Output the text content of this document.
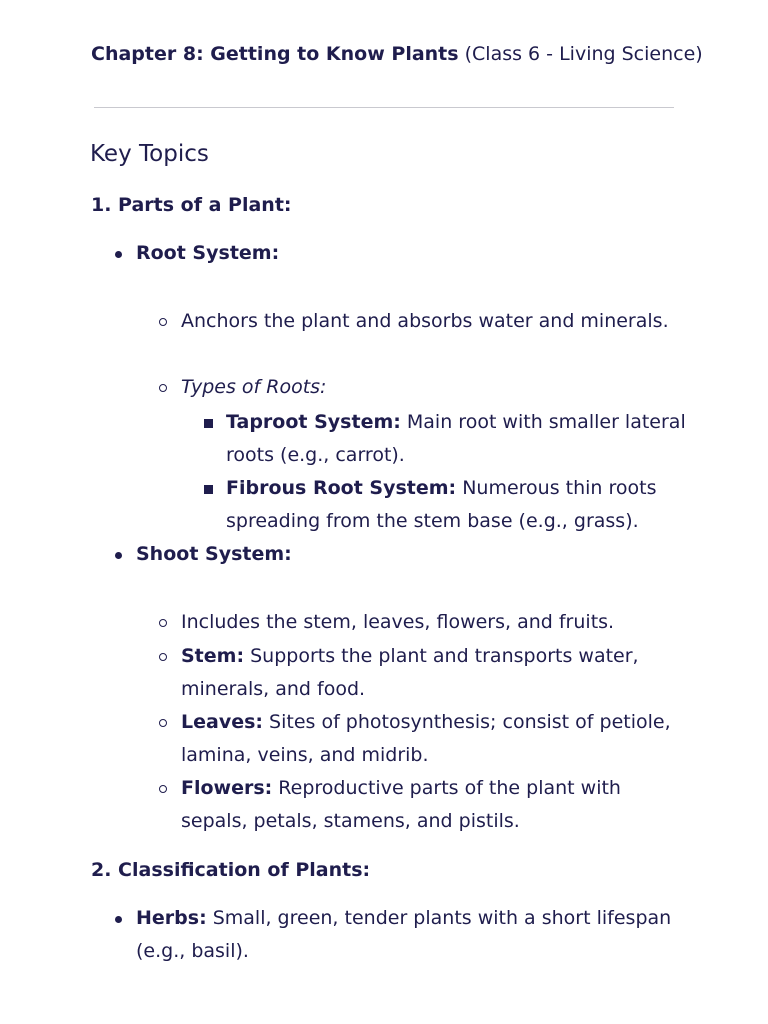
Chapter 8: Getting to Know Plants (Class 6 - Living Science)
Key Topics
1. Parts of a Plant:
Root System:
Anchors the plant and absorbs water and minerals.
Types of Roots:
Taproot System: Main root with smaller lateral roots (e.g., carrot).
Fibrous Root System: Numerous thin roots spreading from the stem base (e.g., grass).
Shoot System:
Includes the stem, leaves, flowers, and fruits.
Stem: Supports the plant and transports water, minerals, and food.
Leaves: Sites of photosynthesis; consist of petiole, lamina, veins, and midrib.
Flowers: Reproductive parts of the plant with sepals, petals, stamens, and pistils.
2. Classification of Plants:
Herbs: Small, green, tender plants with a short lifespan (e.g., basil).
